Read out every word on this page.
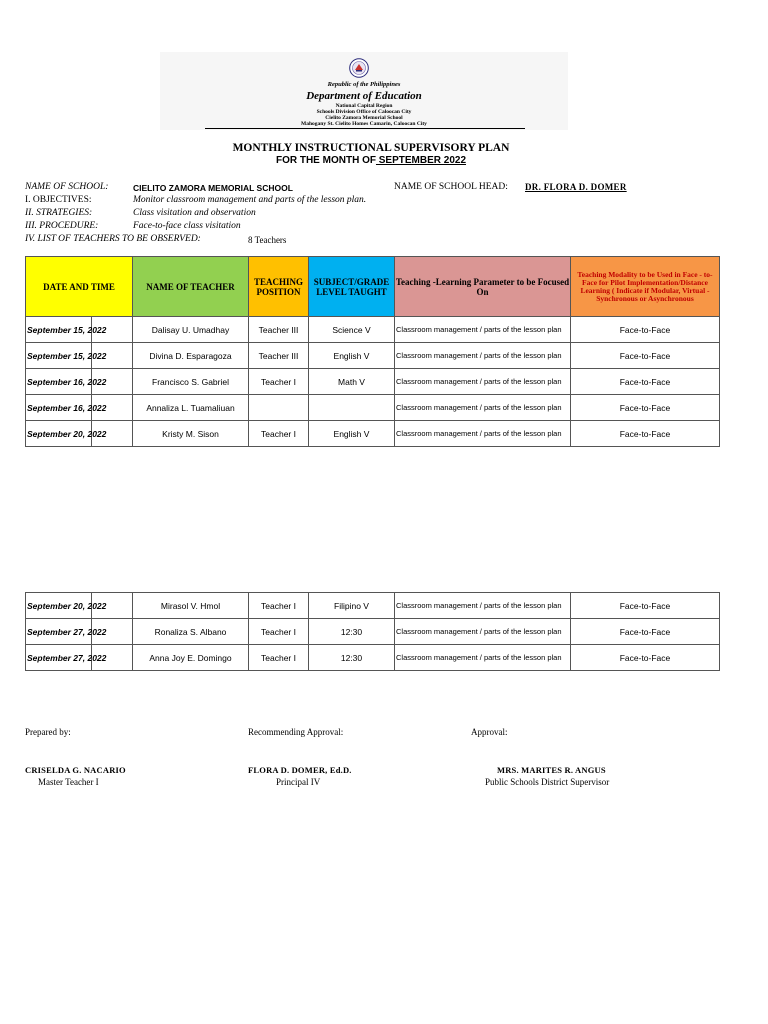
Republic of the Philippines
Department of Education
National Capital Region
Schools Division Office of Caloocan City
Cielito Zamora Memorial School
Mahogany St. Cielito Homes Camarin, Caloocan City
MONTHLY INSTRUCTIONAL SUPERVISORY PLAN
FOR THE MONTH OF SEPTEMBER 2022
NAME OF SCHOOL:	CIELITO ZAMORA MEMORIAL SCHOOL	NAME OF SCHOOL HEAD: DR. FLORA D. DOMER
I. OBJECTIVES:	Monitor classroom management and parts of the lesson plan.
II. STRATEGIES:	Class visitation and observation
III. PROCEDURE:	Face-to-face class visitation
IV. LIST OF TEACHERS TO BE OBSERVED:	8 Teachers
DATE AND TIME		NAME OF TEACHER	TEACHING POSITION	SUBJECT/GRADE LEVEL TAUGHT	Teaching -Learning Parameter to be Focused On	Teaching Modality to be Used in Face - to-Face for Pilot Implementation/Distance Learning ( Indicate if Modular, Virtual - Synchronous or Asynchronous
September 15, 2022		Dalisay U. Umadhay	Teacher III	Science V	Classroom management / parts of the lesson plan	Face-to-Face
September 15, 2022		Divina D. Esparagoza	Teacher III	English V	Classroom management / parts of the lesson plan	Face-to-Face
September 16, 2022		Francisco S. Gabriel	Teacher I	Math V	Classroom management / parts of the lesson plan	Face-to-Face
September 16, 2022		Annaliza L. Tuamaliuan			Classroom management / parts of the lesson plan	Face-to-Face
September 20, 2022		Kristy M. Sison	Teacher I	English V	Classroom management / parts of the lesson plan	Face-to-Face
September 20, 2022		Mirasol V. Hmol	Teacher I	Filipino V	Classroom management / parts of the lesson plan	Face-to-Face
September 27, 2022		Ronaliza S. Albano	Teacher I	12:30	Classroom management / parts of the lesson plan	Face-to-Face
September 27, 2022		Anna Joy E. Domingo	Teacher I	12:30	Classroom management / parts of the lesson plan	Face-to-Face
Prepared by:	Recommending Approval:	Approval:
CRISELDA G. NACARIO
Master Teacher I
FLORA D. DOMER, Ed.D.
Principal IV
MRS. MARITES R. ANGUS
Public Schools District Supervisor
